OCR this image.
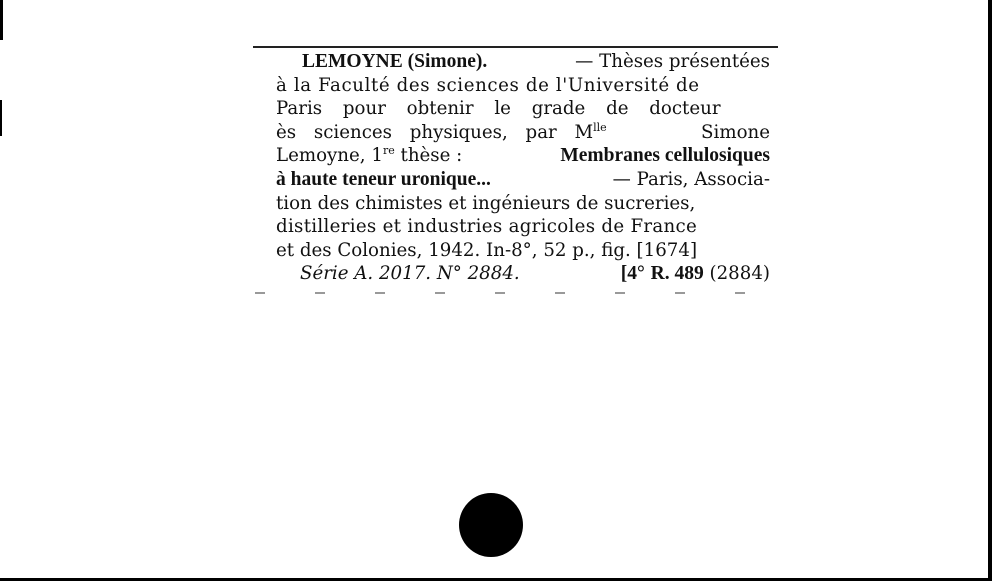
LEMOYNE (Simone).	— Thèses présentées
à la Faculté des sciences de l'Université de
Paris pour obtenir le grade de docteur
ès sciences physiques, par $M^{lle}$	Simone
Lemoyne, 1re thèse :	Membranes cellulosiques
à haute teneur uronique...	— Paris, Associa-
tion des chimistes et ingénieurs de sucreries,
distilleries et industries agricoles de France
et des Colonies, 1942. In-8°, 52 p., fig. [1674]
Série A. 2017. N° 2884.	[4° R. 489 (2884)
